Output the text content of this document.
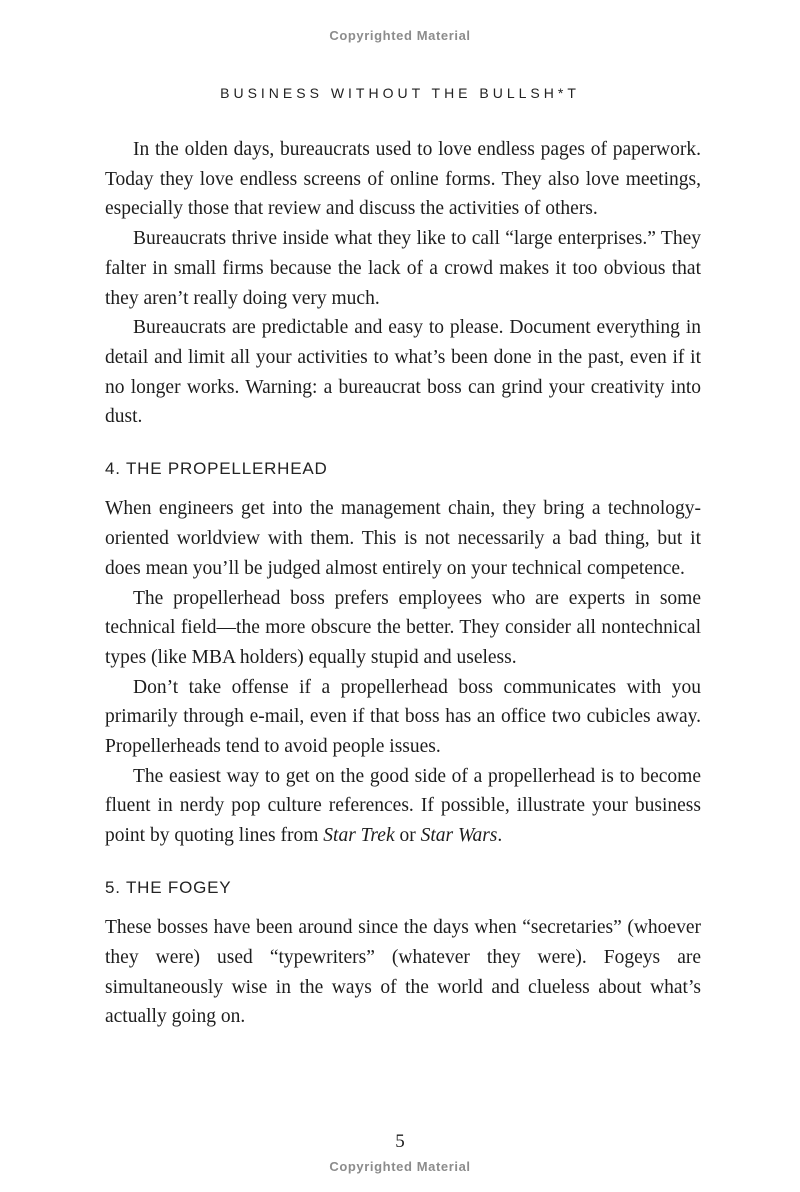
Copyrighted Material
BUSINESS WITHOUT THE BULLSH*T

In the olden days, bureaucrats used to love endless pages of paperwork. Today they love endless screens of online forms. They also love meetings, especially those that review and discuss the activities of others.

Bureaucrats thrive inside what they like to call “large enterprises.” They falter in small firms because the lack of a crowd makes it too obvious that they aren’t really doing very much.

Bureaucrats are predictable and easy to please. Document everything in detail and limit all your activities to what’s been done in the past, even if it no longer works. Warning: a bureaucrat boss can grind your creativity into dust.

4. THE PROPELLERHEAD

When engineers get into the management chain, they bring a technology-oriented worldview with them. This is not necessarily a bad thing, but it does mean you’ll be judged almost entirely on your technical competence.

The propellerhead boss prefers employees who are experts in some technical field—the more obscure the better. They consider all nontechnical types (like MBA holders) equally stupid and useless.

Don’t take offense if a propellerhead boss communicates with you primarily through e-mail, even if that boss has an office two cubicles away. Propellerheads tend to avoid people issues.

The easiest way to get on the good side of a propellerhead is to become fluent in nerdy pop culture references. If possible, illustrate your business point by quoting lines from Star Trek or Star Wars.

5. THE FOGEY

These bosses have been around since the days when “secretaries” (whoever they were) used “typewriters” (whatever they were). Fogeys are simultaneously wise in the ways of the world and clueless about what’s actually going on.

5
Copyrighted Material
